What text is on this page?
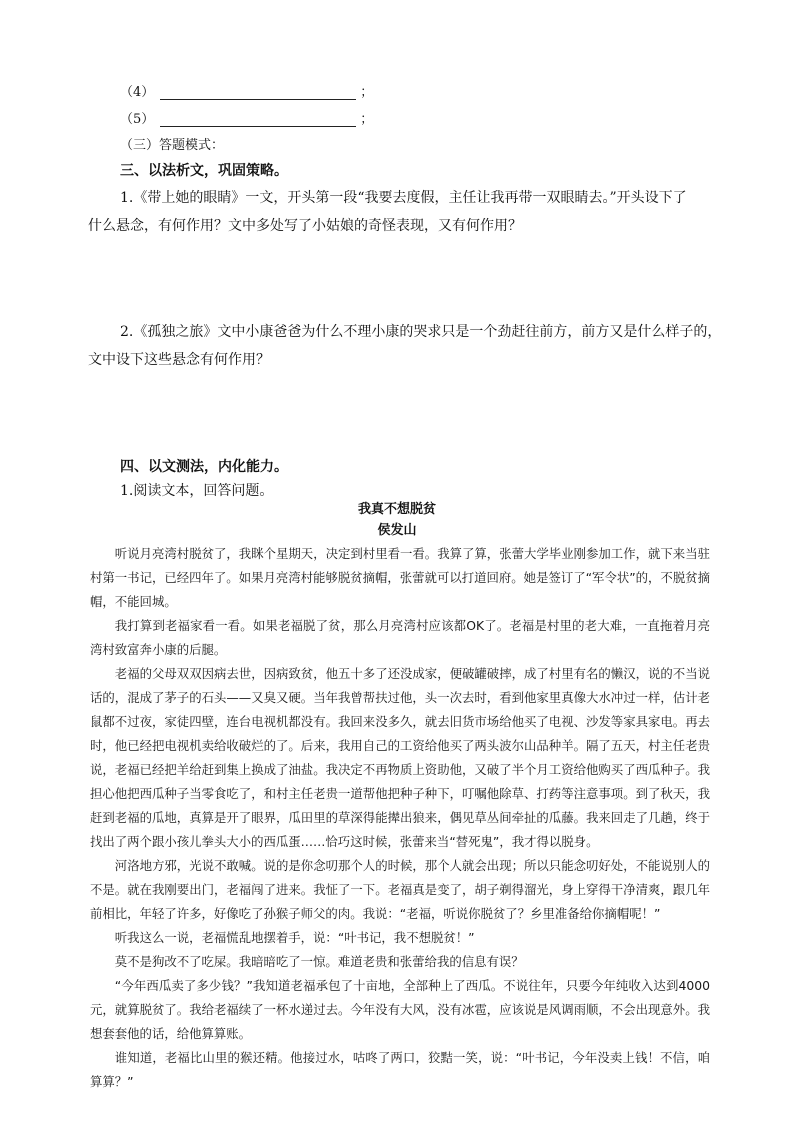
（4）	；
（5）	；
（三）答题模式：
三、以法析文，巩固策略。
1.《带上她的眼睛》一文，开头第一段“我要去度假，主任让我再带一双眼睛去。”开头设下了
什么悬念，有何作用？文中多处写了小姑娘的奇怪表现，又有何作用？
2.《孤独之旅》文中小康爸爸为什么不理小康的哭求只是一个劲赶往前方，前方又是什么样子的，
文中设下这些悬念有何作用？
四、以文测法，内化能力。
1.阅读文本，回答问题。
我真不想脱贫
侯发山

听说月亮湾村脱贫了，我眯个星期天，决定到村里看一看。我算了算，张蕾大学毕业刚参加工作，就下来当驻村第一书记，已经四年了。如果月亮湾村能够脱贫摘帽，张蕾就可以打道回府。她是签订了“军令状”的，不脱贫摘帽，不能回城。

我打算到老福家看一看。如果老福脱了贫，那么月亮湾村应该都OK了。老福是村里的老大难，一直拖着月亮湾村致富奔小康的后腿。

老福的父母双双因病去世，因病致贫，他五十多了还没成家，便破罐破摔，成了村里有名的懒汉，说的不当说话的，混成了茅子的石头——又臭又硬。当年我曾帮扶过他，头一次去时，看到他家里真像大水冲过一样，估计老鼠都不过夜，家徒四壁，连台电视机都没有。我回来没多久，就去旧货市场给他买了电视、沙发等家具家电。再去时，他已经把电视机卖给收破烂的了。后来，我用自己的工资给他买了两头波尔山品种羊。隔了五天，村主任老贵说，老福已经把羊给赶到集上换成了油盐。我决定不再物质上资助他，又破了半个月工资给他购买了西瓜种子。我担心他把西瓜种子当零食吃了，和村主任老贵一道帮他把种子种下，叮嘱他除草、打药等注意事项。到了秋天，我赶到老福的瓜地，真算是开了眼界，瓜田里的草深得能撵出狼来，偶见草丛间牵扯的瓜藤。我来回走了几趟，终于找出了两个跟小孩儿拳头大小的西瓜蛋……恰巧这时候，张蕾来当“替死鬼”，我才得以脱身。

河洛地方邪，光说不敢喊。说的是你念叨那个人的时候，那个人就会出现；所以只能念叨好处，不能说别人的不是。就在我刚要出门，老福闯了进来。我怔了一下。老福真是变了，胡子剃得溜光，身上穿得干净清爽，跟几年前相比，年轻了许多，好像吃了孙猴子师父的肉。我说：“老福，听说你脱贫了？乡里准备给你摘帽呢！”

听我这么一说，老福慌乱地摆着手，说：“叶书记，我不想脱贫！”

莫不是狗改不了吃屎。我暗暗吃了一惊。难道老贵和张蕾给我的信息有误？

“今年西瓜卖了多少钱？”我知道老福承包了十亩地，全部种上了西瓜。不说往年，只要今年纯收入达到4000元，就算脱贫了。我给老福续了一杯水递过去。今年没有大风，没有冰雹，应该说是风调雨顺，不会出现意外。我想套套他的话，给他算算账。

谁知道，老福比山里的猴还精。他接过水，咕咚了两口，狡黠一笑，说：“叶书记，今年没卖上钱！不信，咱算算？”
